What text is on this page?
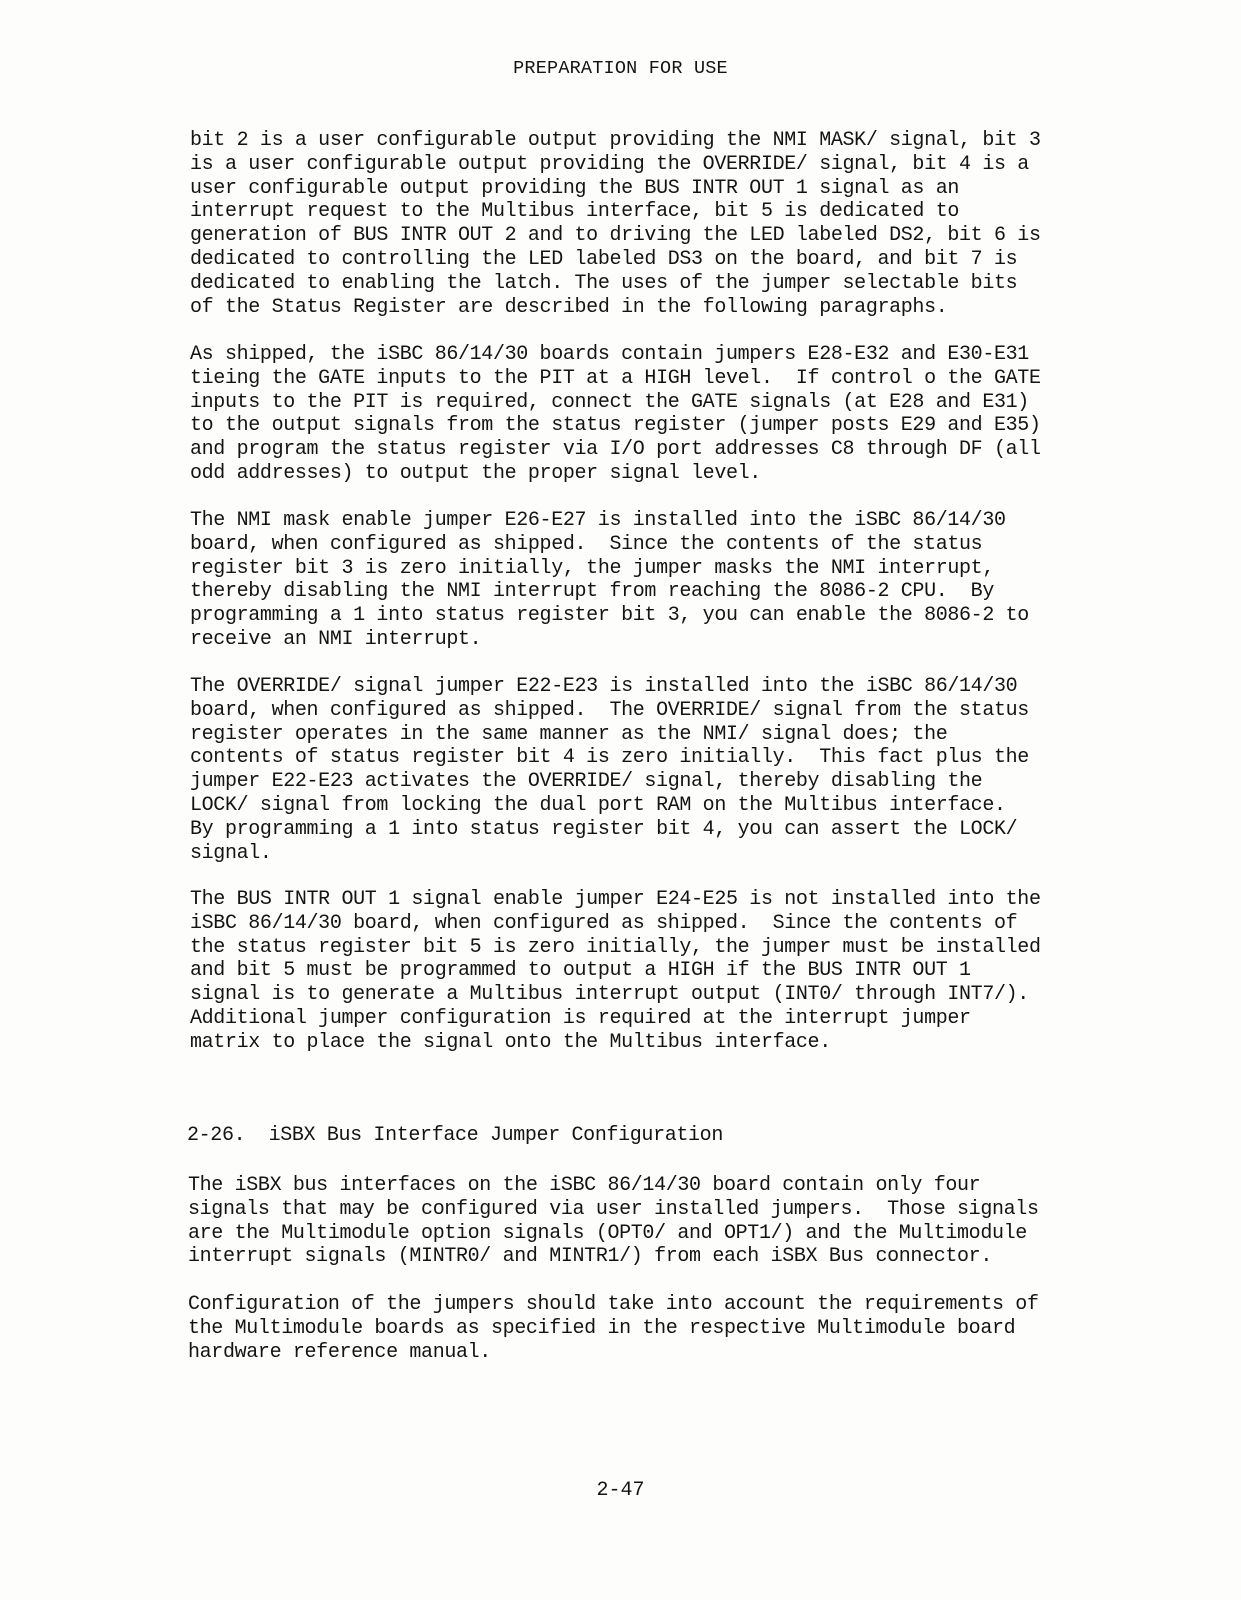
PREPARATION FOR USE

bit 2 is a user configurable output providing the NMI MASK/ signal, bit 3
is a user configurable output providing the OVERRIDE/ signal, bit 4 is a
user configurable output providing the BUS INTR OUT 1 signal as an
interrupt request to the Multibus interface, bit 5 is dedicated to
generation of BUS INTR OUT 2 and to driving the LED labeled DS2, bit 6 is
dedicated to controlling the LED labeled DS3 on the board, and bit 7 is
dedicated to enabling the latch. The uses of the jumper selectable bits
of the Status Register are described in the following paragraphs.

As shipped, the iSBC 86/14/30 boards contain jumpers E28-E32 and E30-E31
tieing the GATE inputs to the PIT at a HIGH level.  If control o the GATE
inputs to the PIT is required, connect the GATE signals (at E28 and E31)
to the output signals from the status register (jumper posts E29 and E35)
and program the status register via I/O port addresses C8 through DF (all
odd addresses) to output the proper signal level.

The NMI mask enable jumper E26-E27 is installed into the iSBC 86/14/30
board, when configured as shipped.  Since the contents of the status
register bit 3 is zero initially, the jumper masks the NMI interrupt,
thereby disabling the NMI interrupt from reaching the 8086-2 CPU.  By
programming a 1 into status register bit 3, you can enable the 8086-2 to
receive an NMI interrupt.

The OVERRIDE/ signal jumper E22-E23 is installed into the iSBC 86/14/30
board, when configured as shipped.  The OVERRIDE/ signal from the status
register operates in the same manner as the NMI/ signal does; the
contents of status register bit 4 is zero initially.  This fact plus the
jumper E22-E23 activates the OVERRIDE/ signal, thereby disabling the
LOCK/ signal from locking the dual port RAM on the Multibus interface.
By programming a 1 into status register bit 4, you can assert the LOCK/
signal.

The BUS INTR OUT 1 signal enable jumper E24-E25 is not installed into the
iSBC 86/14/30 board, when configured as shipped.  Since the contents of
the status register bit 5 is zero initially, the jumper must be installed
and bit 5 must be programmed to output a HIGH if the BUS INTR OUT 1
signal is to generate a Multibus interrupt output (INT0/ through INT7/).
Additional jumper configuration is required at the interrupt jumper
matrix to place the signal onto the Multibus interface.

2-26.  iSBX Bus Interface Jumper Configuration

The iSBX bus interfaces on the iSBC 86/14/30 board contain only four
signals that may be configured via user installed jumpers.  Those signals
are the Multimodule option signals (OPT0/ and OPT1/) and the Multimodule
interrupt signals (MINTR0/ and MINTR1/) from each iSBX Bus connector.

Configuration of the jumpers should take into account the requirements of
the Multimodule boards as specified in the respective Multimodule board
hardware reference manual.

2-47
